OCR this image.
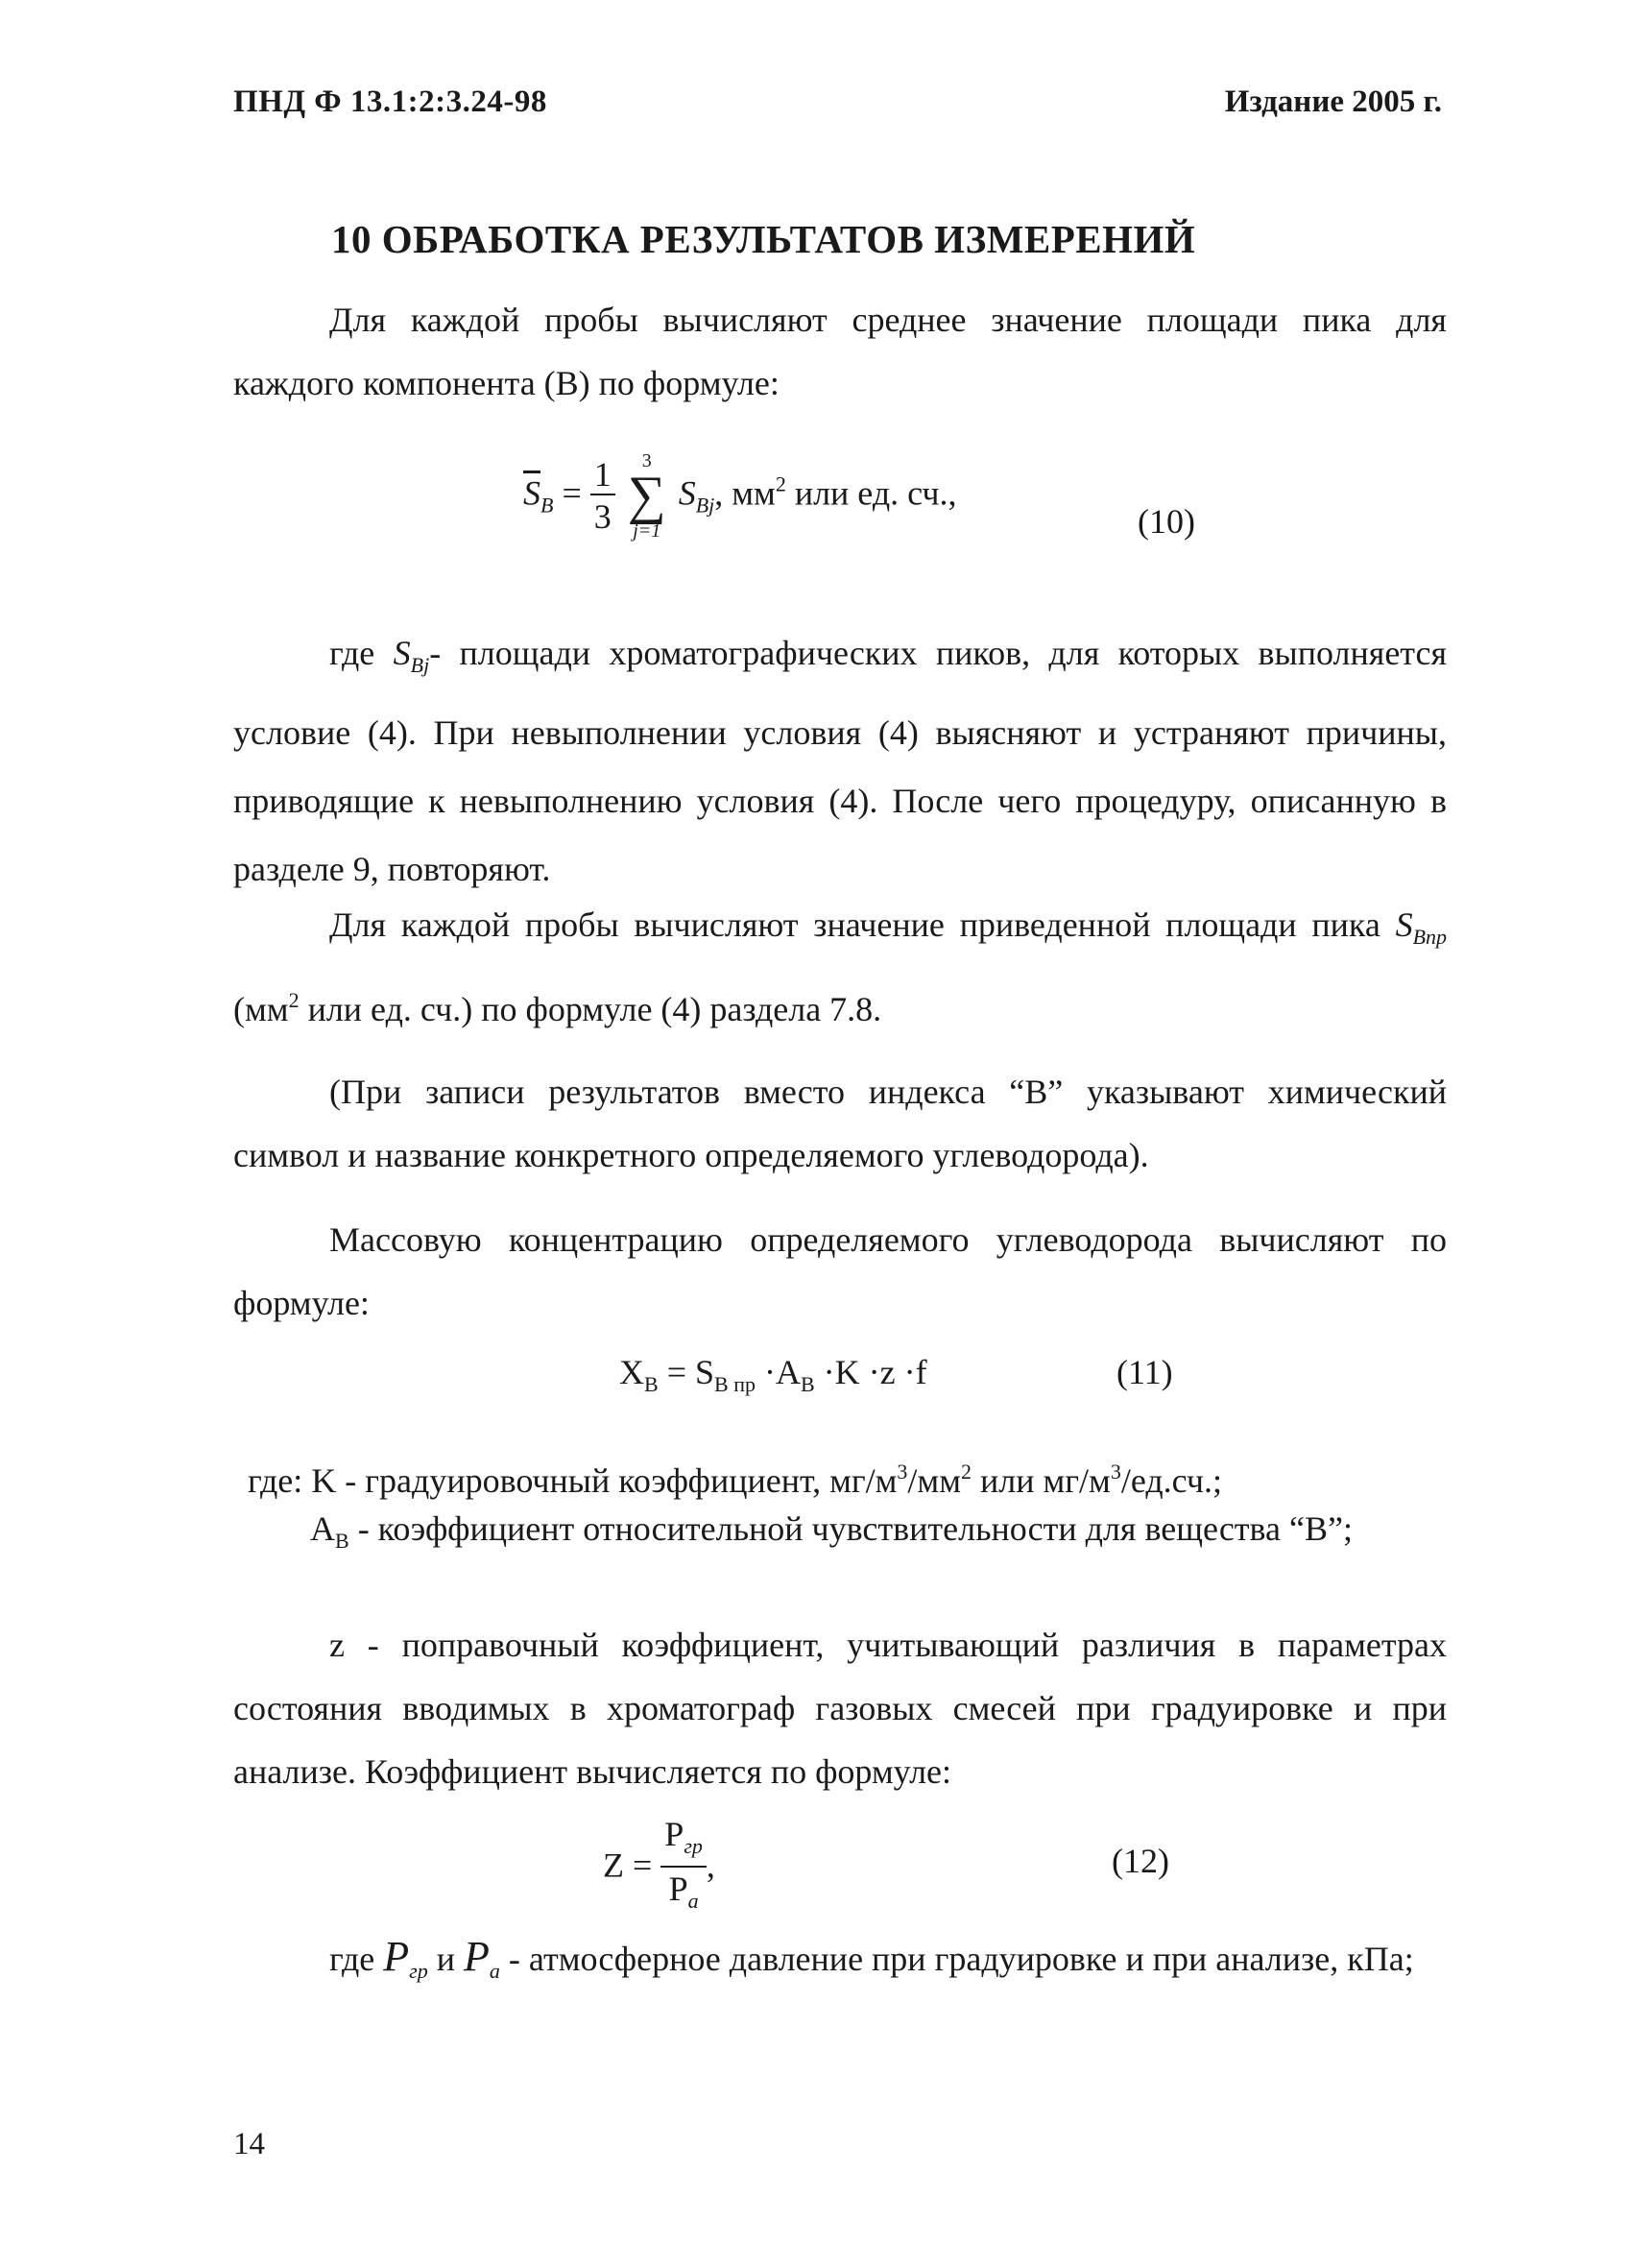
ПНД Ф 13.1:2:3.24-98	Издание 2005 г.
10 ОБРАБОТКА РЕЗУЛЬТАТОВ ИЗМЕРЕНИЙ

Для каждой пробы вычисляют среднее значение площади пика для каждого компонента (В) по формуле:

$\overline{S}_B = \frac{1}{3}$
3
∑
j=1
$S_{Bj}$, $мм^2$ или ед. сч.,
(10)

где $S_{Bj}-$ площади хроматографических пиков, для которых выполняется условие (4). При невыполнении условия (4) выясняют и устраняют причины, приводящие к невыполнению условия (4). После чего процедуру, описанную в разделе 9, повторяют.

Для каждой пробы вычисляют значение приведенной площади пика $S_{Bпр}$ ($мм^2$ или ед. сч.) по формуле (4) раздела 7.8.

(При записи результатов вместо индекса “В” указывают химический символ и название конкретного определяемого углеводорода).

Массовую концентрацию определяемого углеводорода вычисляют по формуле:

$X_B = S_{B пр} \cdot A_B \cdot K \cdot z \cdot f$	(11)

где: K - градуировочный коэффициент, $мг/м^3/мм^2$ или $мг/м^3/ед.сч$.;

$A_B$ - коэффициент относительной чувствительности для вещества “В”;

z - поправочный коэффициент, учитывающий различия в параметрах состояния вводимых в хроматограф газовых смесей при градуировке и при анализе. Коэффициент вычисляется по формуле:

$Z = \frac{P_{гр}}{P_а}$ ,	(12)

где $P_{гр}$ и $P_а$ - атмосферное давление при градуировке и при анализе, кПа;

14
